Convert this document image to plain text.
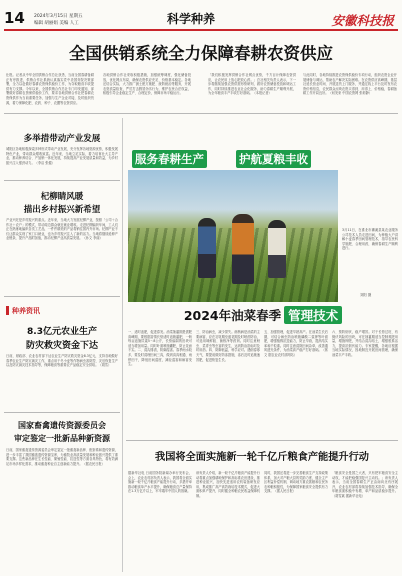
14 2024年3月15日 星期五
编辑 胡丽娟 美编 人工	科学种养	安徽科技报
全国供销系统全力保障春耕农资供应
仕报。记者从中华全国供销合作总社获悉，当前全国春耕备耕正有序推进，供销合作社系统认真落实党中央国务院决策部署，全力以赴做好春耕农资保供稳价工作，为夺取粮食丰收提供有力支撑。今年以来，全国供销合作总社专门印发通知，部署做好春耕农资保供稳价工作，要求各地供销合作社把春耕农资保供作为当前重要任务，加强与生产企业对接，及时组织货源，着力保障化肥、农药、种子、农膜等农资供应。
各地供销合作社采取积极措施，加强统筹调度，强化储备投放，优化网点布局，确保农资供应充足、价格基本稳定。各地还结合实际，大力推广测土配方施肥、统防统治等服务，开展农资质量检查，严厉打击假冒伪劣行为，维护农民合法权益，积极引导企业稳定生产、合理定价，保障市场平稳运行。
「我们积极发挥供销合作社网点优势，千方百计保障农资供应，让农民用上放心肥放心药。」总社相关负责人表示，下一步将继续加强农资供需形势研判，做好农资储备投放和调运工作，同时持续推进农业社会化服务，助力春耕生产顺利开展，为全年粮食丰产丰收打好基础。（本报记者）
与此同时，各地持续推进农资保供稳价专项行动，组织农资企业开展储备与调运，帮助农户解决实际困难。在农资供应高峰期，基层社延长营业时间、开展送货上门服务，并通过线上平台及时发布农资价格信息，农民群众反映农资买得到、用得上、价格稳，春耕备耕工作开局良好。（何发来 中国农资网 张莉静）
多举措带动产业发展
城阳区各地积极探索多种形式带动产业发展，充分发挥各地资源优势，积极发展特色产业，带动群众增收致富。近年来，当地立足实际，着力培育壮大主导产业，推动种养结合、产加销一体化发展，持续提高产业发展质量和效益，为乡村振兴注入强劲动力。（李洁 张健）
杞柳睛风暖
描出乡村振兴新希望
产业兴旺是乡村振兴的重点。近年来，当地大力发展杞柳产业，按照「公司＋合作社＋农户」的模式，带动周边群众就近就业增收。走进杞柳编织车间，工人们正在熟练地编织各类工艺品，一件件精美的产品将销往国内外市场。杞柳产业不仅让群众实现了家门口就业，也为乡村振兴注入了新的活力。当地将继续延伸产业链条，提升产品附加值，推动杞柳产业高质量发展。（孙文 李丽）
种养资讯
8.3亿元农业生产
防灾救灾资金下达
日前，财政部、农业农村部下达农业生产防灾救灾资金8.3亿元，支持各地做好春季农业生产防灾减灾工作，重点用于冬小麦等作物病虫害防控、灾后恢复生产以及防灾减灾技术指导等，保障粮食等重要农产品稳定安全供给。（胡雪）
国家畜禽遗传资源委员会
审定鉴定一批新品种新资源
日前，国家畜禽遗传资源委员会审定鉴定一批畜禽新品种、配套系和遗传资源，进一步丰富了我国畜禽遗传资源宝库，为畜牧业高质量发展和种业振兴提供了重要支撑。这些新品种在生长性能、繁殖性能、抗逆性等方面各具特色，将有效满足市场多样化需求，推动畜禽种业自主创新能力提升。（据农民日报）
服务春耕生产	护航夏粮丰收
3月11日，在淮北市濉溪县某农业服务公司技术人员走进田间，为种植大户讲解小麦春季田间管理技术，指导农民科学施肥、合理用药，确保春耕生产顺利进行。
刘阳 摄
2024年油菜春季 管理技术
一、适时追肥，促进春发。油菜抽薹期是需肥高峰期，要根据苗情长势适时追施薹肥，一般每亩追施尿素5～8公斤，长势偏弱的田块可适当增加用量。同时叶面喷施硼肥，防止花而不实。二、清沟排渍，防御湿害。春季雨水较多，要及时清理田间三沟，做到沟沟相通、雨停田干，降低田间湿度，减轻湿害和病害发生。
三、防治病虫，减少损失。菌核病是油菜的主要病害，应在初花期至盛花期及时喷药防治，可选用咪鲜胺、菌核净等药剂。同时注意蚜虫、菜青虫等虫害的发生，达到防治指标时及时用药。四、防御低温，科学应对。遇倒春寒天气，要提前做好防冻措施，冻后及时追施速效肥，促进恢复生长。
五、加强管理，促进早熟高产。在油菜生长后期，可结合病虫防治喷施磷酸二氢钾等叶面肥，增强植株抗逆能力，防止早衰，提高结实率和千粒重。同时注意清除田间杂草，改善通风透光条件，为油菜高产稳产打好基础。（郭文 据农业农村部网站）
六、预防倒伏，稳产增效。对于长势过旺、有倒伏风险的田块，可在抽薹期适当控制氮肥用量，增施钾肥，并结合清沟培土，增强根系活力，提高抗倒伏能力。专家提醒，各地应根据当地实际情况，因地制宜开展田间管理，确保油菜丰产丰收。
我国将全面实施新一轮千亿斤粮食产能提升行动
据新华社电 日前国务院新闻办举行发布会，会上，农业农村部负责人表示，我国将全面实施新一轮千亿斤粮食产能提升行动，多措并举推动粮食单产水平提升，确保粮食总产量保持在1.3万亿斤以上，牢牢端牢中国人的饭碗。
该负责人介绍，新一轮千亿斤粮食产能提升行动将重点加强耕地保护和高标准农田建设，推进种业振兴，加快先进适用农机装备研发应用，集成推广高产高效栽培技术模式，促进大面积单产提升，同时健全种粮农民收益保障机制。
同时，我国还将进一步完善粮食生产支持政策体系，加大对产粮大县的奖励力度，健全主产区利益补偿机制，调动地方重农抓粮和农民务农种粮积极性，为保障国家粮食安全提供有力支撑。（据人民日报）
「粮食安全是国之大者，只有把牢粮食安全主动权，才能把稳强国复兴主动权。」该负责人表示，当前全国春耕生产正由南向北有序展开，农业农村部将持续加强技术指导，确保全年粮食面积稳中有增、单产和品质稳步提升。（胡雪斌 据新华社电）
